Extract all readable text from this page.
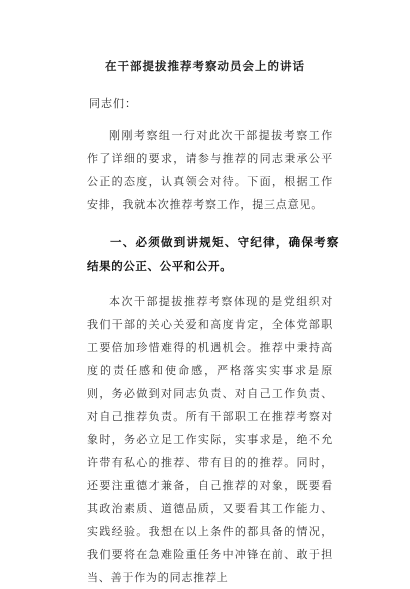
在干部提拔推荐考察动员会上的讲话
同志们：

刚刚考察组一行对此次干部提拔考察工作作了详细的要求，请参与推荐的同志秉承公平公正的态度，认真领会对待。下面，根据工作安排，我就本次推荐考察工作，提三点意见。

一、必须做到讲规矩、守纪律，确保考察结果的公正、公平和公开。

本次干部提拔推荐考察体现的是党组织对我们干部的关心关爱和高度肯定，全体党部职工要倍加珍惜难得的机遇机会。推荐中秉持高度的责任感和使命感，严格落实实事求是原则，务必做到对同志负责、对自己工作负责、对自己推荐负责。所有干部职工在推荐考察对象时，务必立足工作实际，实事求是，绝不允许带有私心的推荐、带有目的的推荐。同时，还要注重德才兼备，自己推荐的对象，既要看其政治素质、道德品质，又要看其工作能力、实践经验。我想在以上条件的都具备的情况，我们要将在急难险重任务中冲锋在前、敢于担当、善于作为的同志推荐上
